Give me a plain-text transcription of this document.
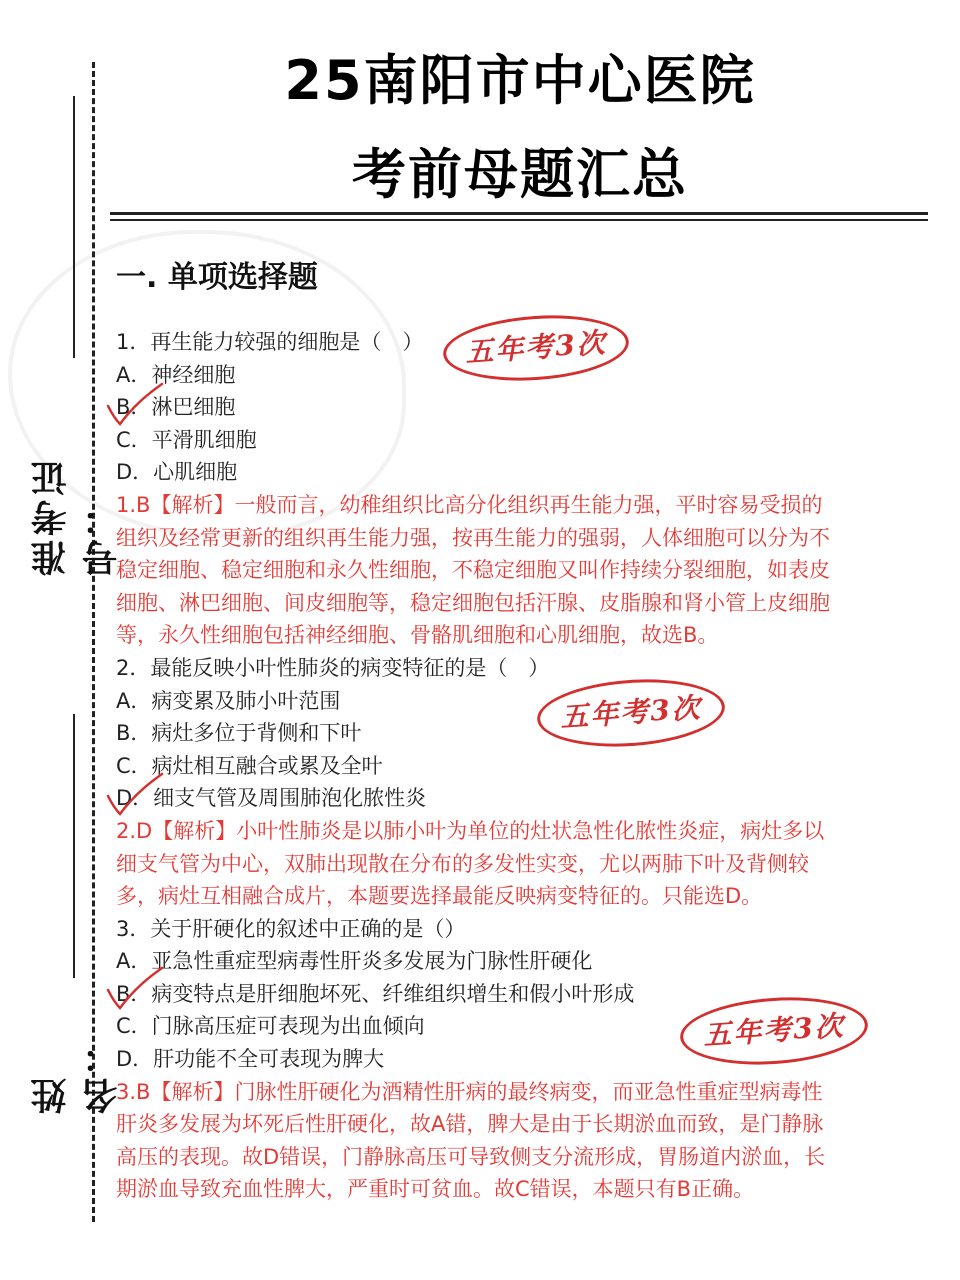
准考证号：
姓名：
25南阳市中心医院
考前母题汇总
一. 单项选择题
1．再生能力较强的细胞是（　）
A．神经细胞
B．淋巴细胞
C．平滑肌细胞
D．心肌细胞
1.B【解析】一般而言，幼稚组织比高分化组织再生能力强，平时容易受损的
组织及经常更新的组织再生能力强，按再生能力的强弱，人体细胞可以分为不
稳定细胞、稳定细胞和永久性细胞，不稳定细胞又叫作持续分裂细胞，如表皮
细胞、淋巴细胞、间皮细胞等，稳定细胞包括汗腺、皮脂腺和肾小管上皮细胞
等，永久性细胞包括神经细胞、骨骼肌细胞和心肌细胞，故选B。
2．最能反映小叶性肺炎的病变特征的是（　）
A．病变累及肺小叶范围
B．病灶多位于背侧和下叶
C．病灶相互融合或累及全叶
D．细支气管及周围肺泡化脓性炎
2.D【解析】小叶性肺炎是以肺小叶为单位的灶状急性化脓性炎症，病灶多以
细支气管为中心，双肺出现散在分布的多发性实变，尤以两肺下叶及背侧较
多，病灶互相融合成片，本题要选择最能反映病变特征的。只能选D。
3．关于肝硬化的叙述中正确的是（）
A．亚急性重症型病毒性肝炎多发展为门脉性肝硬化
B．病变特点是肝细胞坏死、纤维组织增生和假小叶形成
C．门脉高压症可表现为出血倾向
D．肝功能不全可表现为脾大
3.B【解析】门脉性肝硬化为酒精性肝病的最终病变，而亚急性重症型病毒性
肝炎多发展为坏死后性肝硬化，故A错，脾大是由于长期淤血而致，是门静脉
高压的表现。故D错误，门静脉高压可导致侧支分流形成，胃肠道内淤血，长
期淤血导致充血性脾大，严重时可贫血。故C错误，本题只有B正确。
五年考3次
五年考3次
五年考3次
